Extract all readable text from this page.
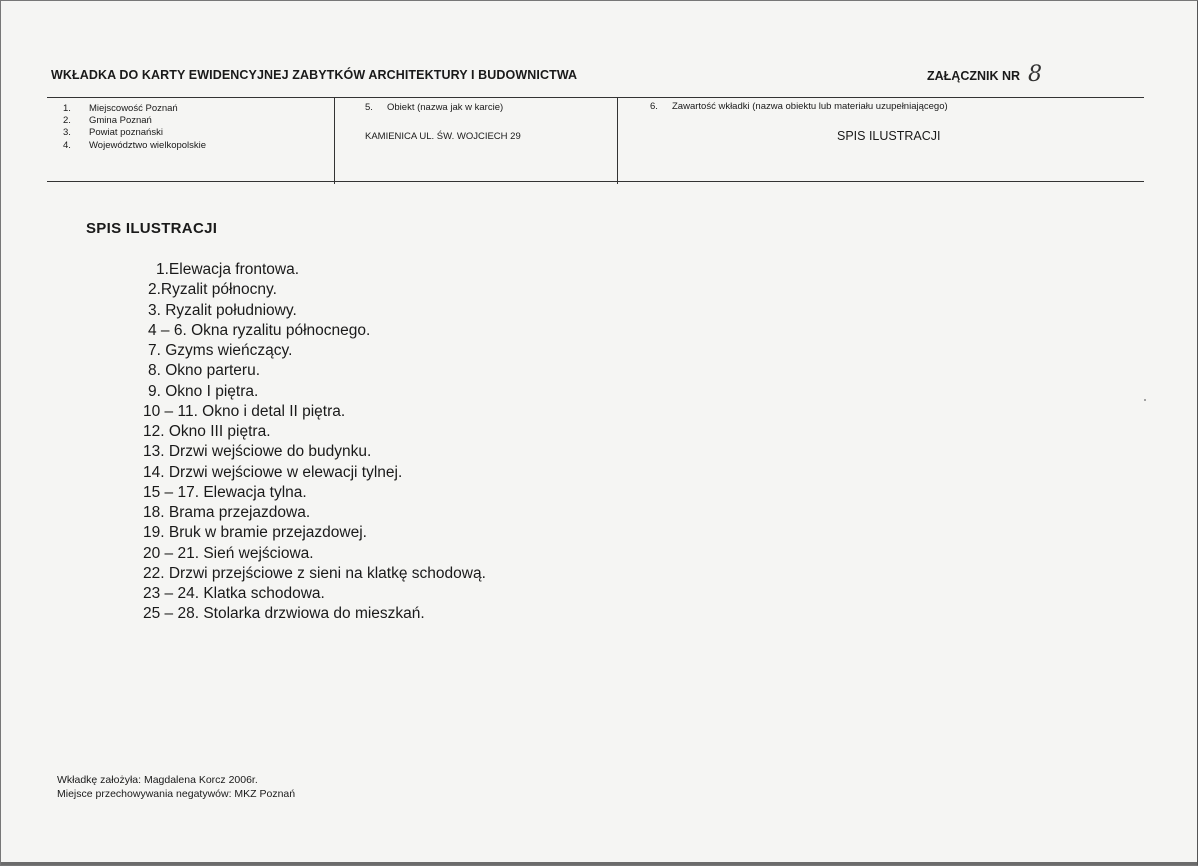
WKŁADKA DO KARTY EWIDENCYJNEJ ZABYTKÓW ARCHITEKTURY I BUDOWNICTWA	ZAŁĄCZNIK NR 8
1. Miejscowość Poznań
2. Gmina Poznań
3. Powiat poznański
4. Województwo wielkopolskie
5. Obiekt (nazwa jak w karcie)
KAMIENICA UL. ŚW. WOJCIECH 29
6. Zawartość wkładki (nazwa obiektu lub materiału uzupełniającego)
SPIS ILUSTRACJI
SPIS ILUSTRACJI
1.Elewacja frontowa.
2.Ryzalit północny.
3. Ryzalit południowy.
4 – 6. Okna ryzalitu północnego.
7. Gzyms wieńczący.
8. Okno parteru.
9. Okno I piętra.
10 – 11. Okno i detal II piętra.
12. Okno III piętra.
13. Drzwi wejściowe do budynku.
14. Drzwi wejściowe w elewacji tylnej.
15 – 17. Elewacja tylna.
18. Brama przejazdowa.
19. Bruk w bramie przejazdowej.
20 – 21. Sień wejściowa.
22. Drzwi przejściowe z sieni na klatkę schodową.
23 – 24. Klatka schodowa.
25 – 28. Stolarka drzwiowa do mieszkań.
Wkładkę założyła: Magdalena Korcz 2006r.
Miejsce przechowywania negatywów: MKZ Poznań
